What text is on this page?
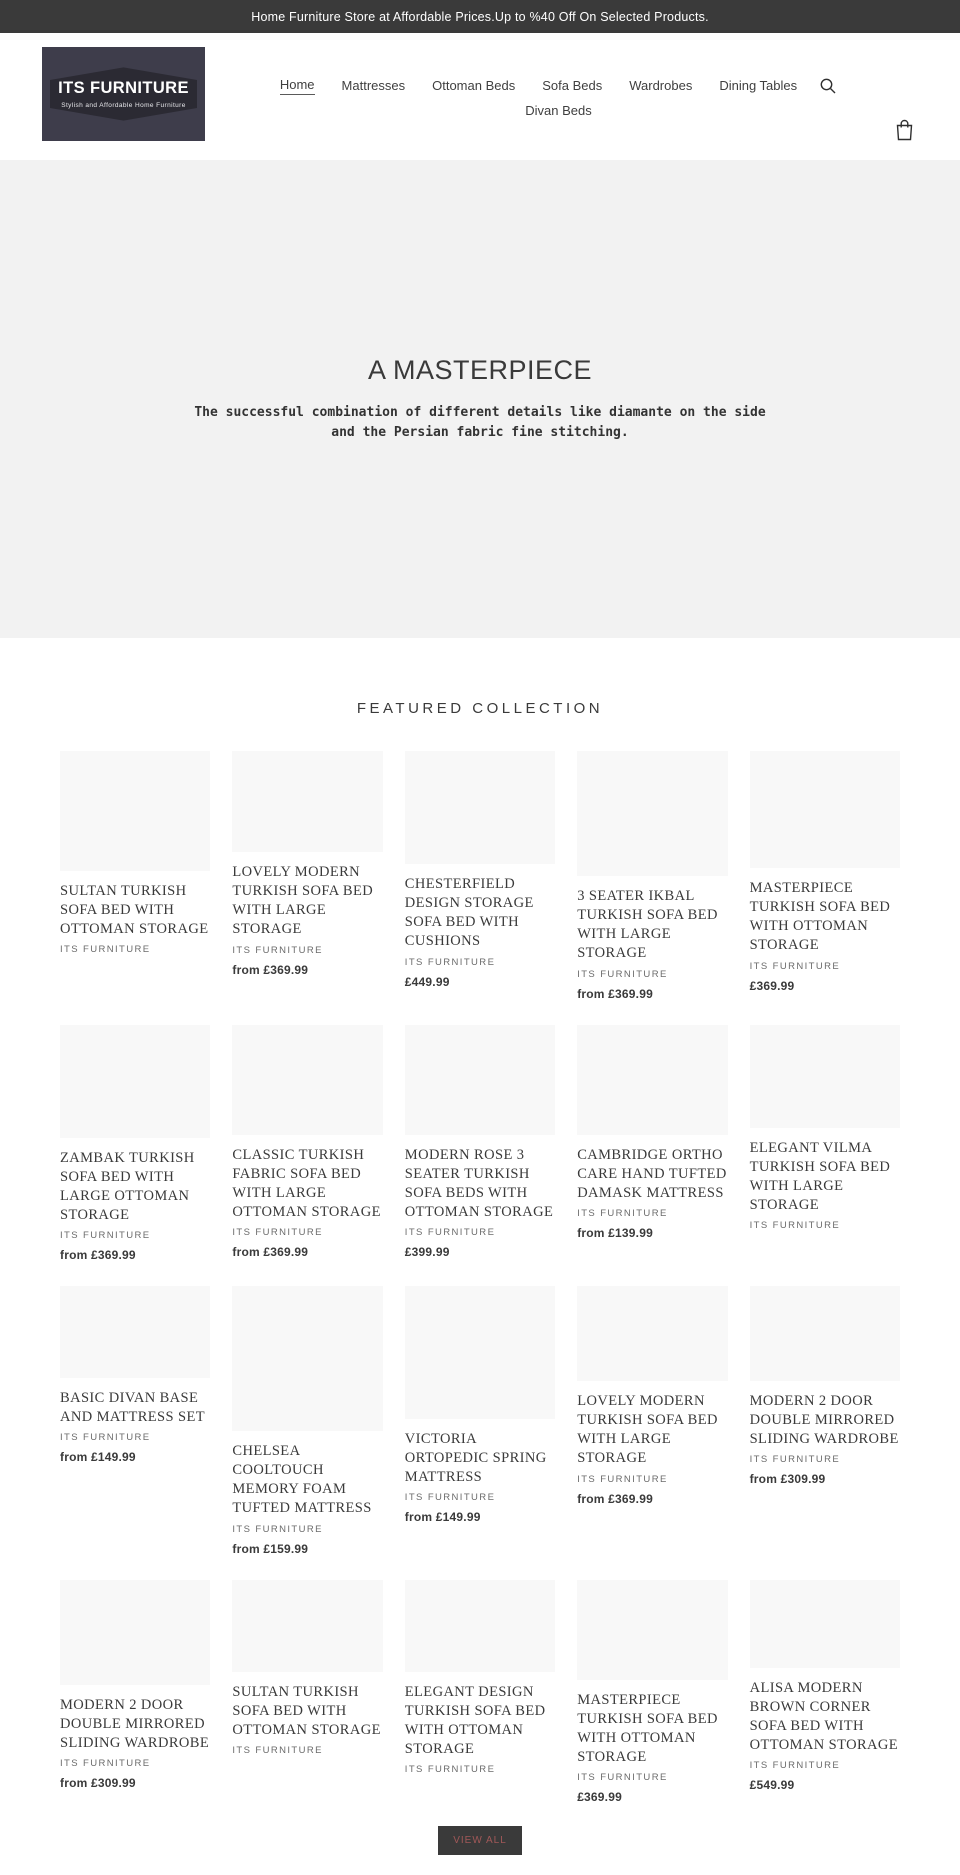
Home Furniture Store at Affordable Prices.Up to %40 Off On Selected Products.
ITS FURNITURE
Stylish and Affordable Home Furniture
Home Mattresses Ottoman Beds Sofa Beds Wardrobes Dining Tables
Divan Beds
A MASTERPIECE
The successful combination of different details like diamante on the side
and the Persian fabric fine stitching.
FEATURED COLLECTION
SULTAN TURKISH SOFA BED WITH OTTOMAN STORAGE
ITS FURNITURE
LOVELY MODERN TURKISH SOFA BED WITH LARGE STORAGE
ITS FURNITURE
from £369.99
CHESTERFIELD DESIGN STORAGE SOFA BED WITH CUSHIONS
ITS FURNITURE
£449.99
3 SEATER IKBAL TURKISH SOFA BED WITH LARGE STORAGE
ITS FURNITURE
from £369.99
MASTERPIECE TURKISH SOFA BED WITH OTTOMAN STORAGE
ITS FURNITURE
£369.99
ZAMBAK TURKISH SOFA BED WITH LARGE OTTOMAN STORAGE
ITS FURNITURE
from £369.99
CLASSIC TURKISH FABRIC SOFA BED WITH LARGE OTTOMAN STORAGE
ITS FURNITURE
from £369.99
MODERN ROSE 3 SEATER TURKISH SOFA BEDS WITH OTTOMAN STORAGE
ITS FURNITURE
£399.99
CAMBRIDGE ORTHO CARE HAND TUFTED DAMASK MATTRESS
ITS FURNITURE
from £139.99
ELEGANT VILMA TURKISH SOFA BED WITH LARGE STORAGE
ITS FURNITURE
BASIC DIVAN BASE AND MATTRESS SET
ITS FURNITURE
from £149.99	CHELSEA COOLTOUCH MEMORY FOAM TUFTED MATTRESS
ITS FURNITURE
from £159.99
VICTORIA ORTOPEDIC SPRING MATTRESS
ITS FURNITURE
from £149.99
LOVELY MODERN TURKISH SOFA BED WITH LARGE STORAGE
ITS FURNITURE
from £369.99
MODERN 2 DOOR DOUBLE MIRRORED SLIDING WARDROBE
ITS FURNITURE
from £309.99
MODERN 2 DOOR DOUBLE MIRRORED SLIDING WARDROBE
ITS FURNITURE
from £309.99
SULTAN TURKISH SOFA BED WITH OTTOMAN STORAGE
ITS FURNITURE
ELEGANT DESIGN TURKISH SOFA BED WITH OTTOMAN STORAGE
ITS FURNITURE
MASTERPIECE TURKISH SOFA BED WITH OTTOMAN STORAGE
ITS FURNITURE
£369.99
ALISA MODERN BROWN CORNER SOFA BED WITH OTTOMAN STORAGE
ITS FURNITURE
£549.99
VIEW ALL
